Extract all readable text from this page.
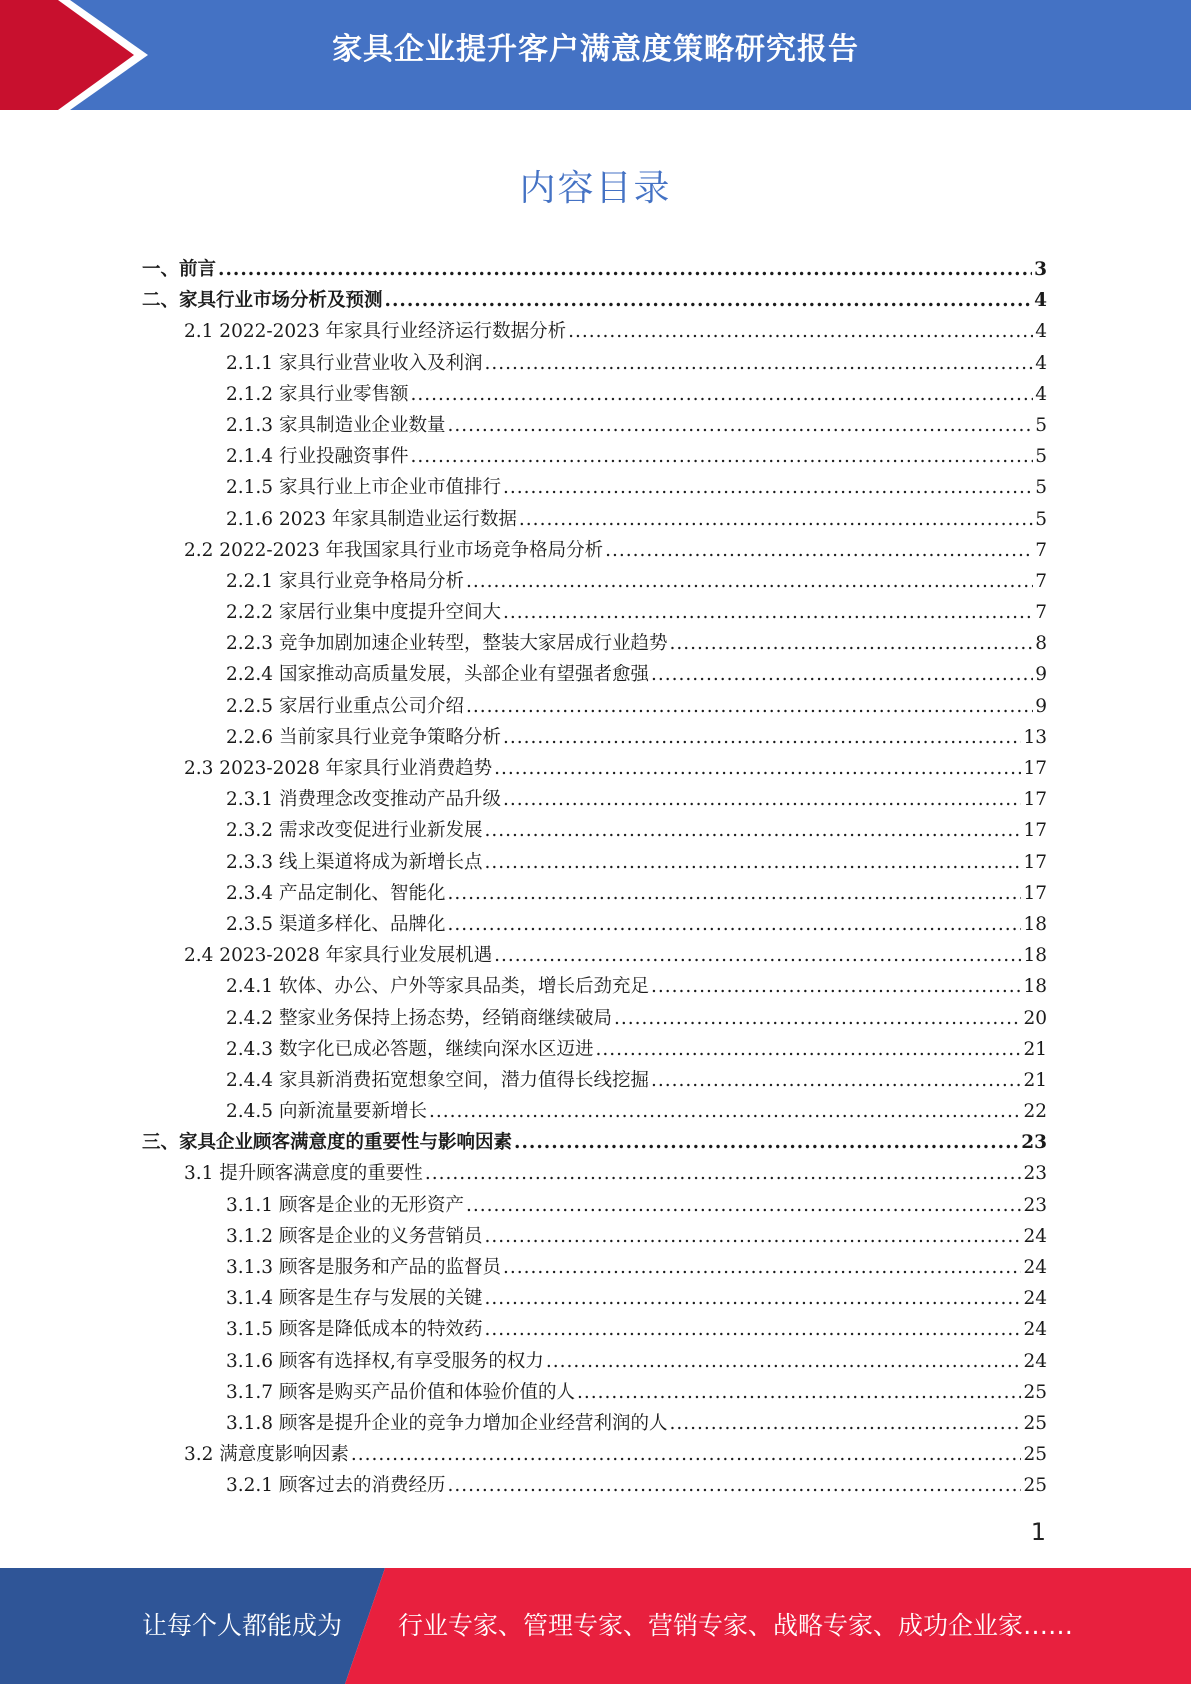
家具企业提升客户满意度策略研究报告
内容目录
一、前言 .....	3
二、家具行业市场分析及预测 .....	4
2.1 2022-2023 年家具行业经济运行数据分析 .....	4
2.1.1 家具行业营业收入及利润 .....	4
2.1.2 家具行业零售额 .....	4
2.1.3 家具制造业企业数量 .....	5
2.1.4 行业投融资事件 .....	5
2.1.5 家具行业上市企业市值排行 .....	5
2.1.6 2023 年家具制造业运行数据 .....	5
2.2 2022-2023 年我国家具行业市场竞争格局分析 .....	7
2.2.1 家具行业竞争格局分析 .....	7
2.2.2 家居行业集中度提升空间大 .....	7
2.2.3 竞争加剧加速企业转型，整装大家居成行业趋势 .....	8
2.2.4 国家推动高质量发展，头部企业有望强者愈强 .....	9
2.2.5 家居行业重点公司介绍 .....	9
2.2.6 当前家具行业竞争策略分析 .....	13
2.3 2023-2028 年家具行业消费趋势 .....	17
2.3.1 消费理念改变推动产品升级 .....	17
2.3.2 需求改变促进行业新发展 .....	17
2.3.3 线上渠道将成为新增长点 .....	17
2.3.4 产品定制化、智能化 .....	17
2.3.5 渠道多样化、品牌化 .....	18
2.4 2023-2028 年家具行业发展机遇 .....	18
2.4.1 软体、办公、户外等家具品类，增长后劲充足 .....	18
2.4.2 整家业务保持上扬态势，经销商继续破局 .....	20
2.4.3 数字化已成必答题，继续向深水区迈进 .....	21
2.4.4 家具新消费拓宽想象空间，潜力值得长线挖掘 .....	21
2.4.5 向新流量要新增长 .....	22
三、家具企业顾客满意度的重要性与影响因素 .....	23
3.1 提升顾客满意度的重要性 .....	23
3.1.1 顾客是企业的无形资产 .....	23
3.1.2 顾客是企业的义务营销员 .....	24
3.1.3 顾客是服务和产品的监督员 .....	24
3.1.4 顾客是生存与发展的关键 .....	24
3.1.5 顾客是降低成本的特效药 .....	24
3.1.6 顾客有选择权,有享受服务的权力 .....	24
3.1.7 顾客是购买产品价值和体验价值的人 .....	25
3.1.8 顾客是提升企业的竞争力增加企业经营利润的人 .....	25
3.2 满意度影响因素 .....	25
3.2.1 顾客过去的消费经历 .....	25
1
让每个人都能成为 行业专家、管理专家、营销专家、战略专家、成功企业家……
